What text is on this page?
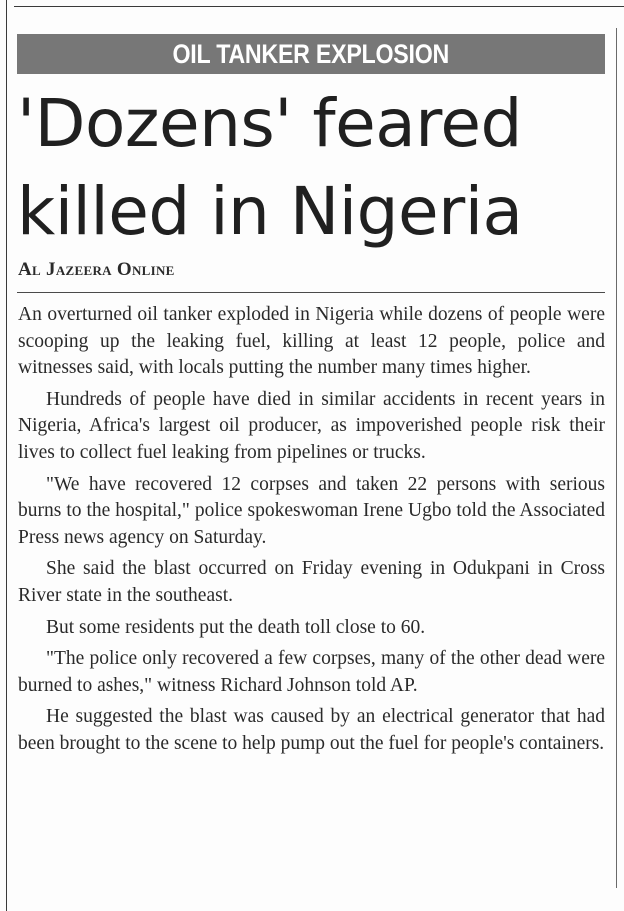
OIL TANKER EXPLOSION
'Dozens' feared
killed in Nigeria
Al Jazeera Online

An overturned oil tanker exploded in Nigeria while dozens of people were scooping up the leaking fuel, killing at least 12 people, police and witnesses said, with locals putting the number many times higher.

Hundreds of people have died in similar accidents in recent years in Nigeria, Africa's largest oil producer, as impoverished people risk their lives to collect fuel leaking from pipelines or trucks.

"We have recovered 12 corpses and taken 22 persons with serious burns to the hospital," police spokeswoman Irene Ugbo told the Associated Press news agency on Saturday.

She said the blast occurred on Friday evening in Odukpani in Cross River state in the southeast.

But some residents put the death toll close to 60.

"The police only recovered a few corpses, many of the other dead were burned to ashes," witness Richard Johnson told AP.

He suggested the blast was caused by an electrical generator that had been brought to the scene to help pump out the fuel for people's containers.
